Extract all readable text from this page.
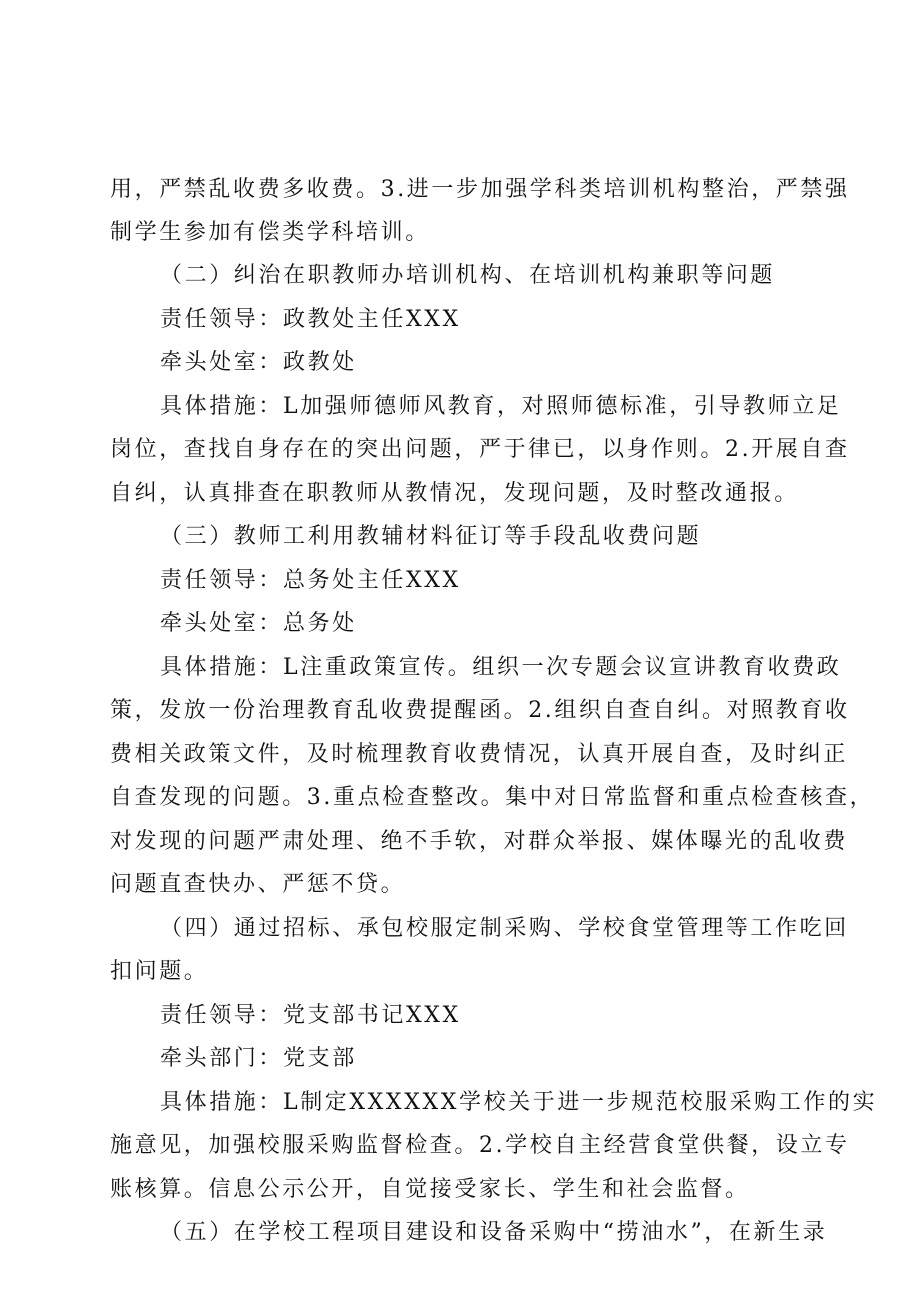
用，严禁乱收费多收费。3.进一步加强学科类培训机构整治，严禁强
制学生参加有偿类学科培训。
（二）纠治在职教师办培训机构、在培训机构兼职等问题
责任领导：政教处主任XXX
牵头处室：政教处
具体措施：L加强师德师风教育，对照师德标准，引导教师立足
岗位，查找自身存在的突出问题，严于律已，以身作则。2.开展自查
自纠，认真排查在职教师从教情况，发现问题，及时整改通报。
（三）教师工利用教辅材料征订等手段乱收费问题
责任领导：总务处主任XXX
牵头处室：总务处
具体措施：L注重政策宣传。组织一次专题会议宣讲教育收费政
策，发放一份治理教育乱收费提醒函。2.组织自查自纠。对照教育收
费相关政策文件，及时梳理教育收费情况，认真开展自查，及时纠正
自查发现的问题。3.重点检查整改。集中对日常监督和重点检查核查，
对发现的问题严肃处理、绝不手软，对群众举报、媒体曝光的乱收费
问题直查快办、严惩不贷。
（四）通过招标、承包校服定制采购、学校食堂管理等工作吃回
扣问题。
责任领导：党支部书记XXX
牵头部门：党支部
具体措施：L制定XXXXXX学校关于进一步规范校服采购工作的实
施意见，加强校服采购监督检查。2.学校自主经营食堂供餐，设立专
账核算。信息公示公开，自觉接受家长、学生和社会监督。
（五）在学校工程项目建设和设备采购中“捞油水”，在新生录
